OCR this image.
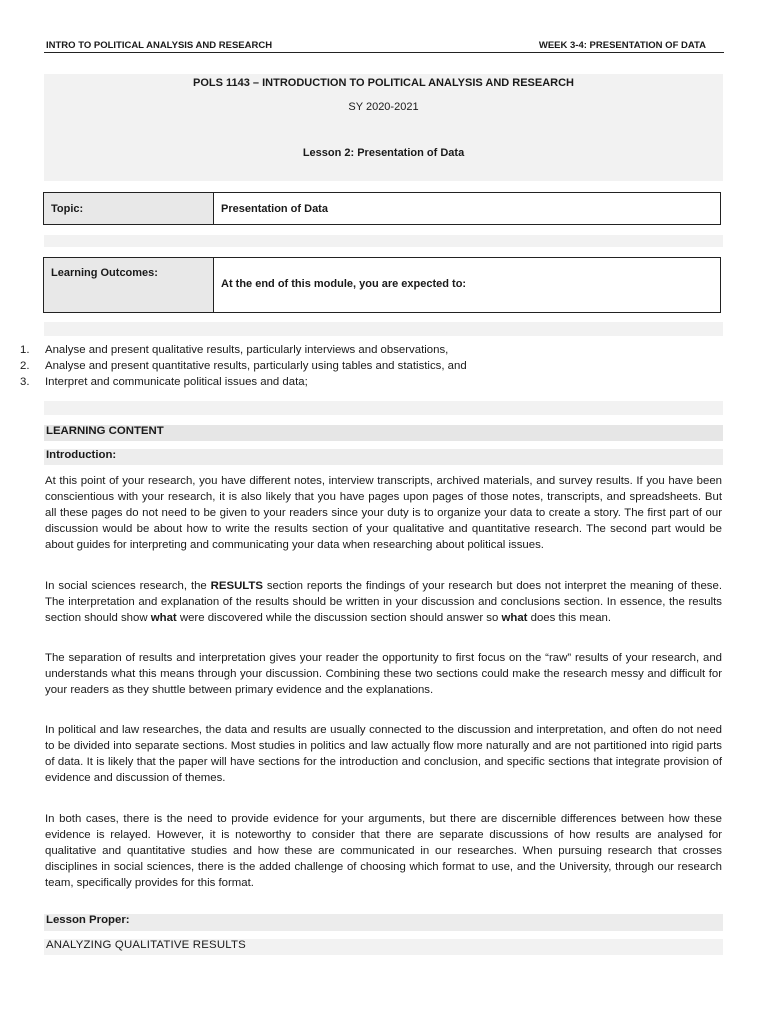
INTRO TO POLITICAL ANALYSIS AND RESEARCH	WEEK 3-4: PRESENTATION OF DATA
POLS 1143 – INTRODUCTION TO POLITICAL ANALYSIS AND RESEARCH
SY 2020-2021
Lesson 2: Presentation of Data
Topic:	Presentation of Data
Learning Outcomes:
At the end of this module, you are expected to:
1. Analyse and present qualitative results, particularly interviews and observations,
2. Analyse and present quantitative results, particularly using tables and statistics, and
3. Interpret and communicate political issues and data;
LEARNING CONTENT
Introduction:

At this point of your research, you have different notes, interview transcripts, archived materials, and survey results. If you have been conscientious with your research, it is also likely that you have pages upon pages of those notes, transcripts, and spreadsheets. But all these pages do not need to be given to your readers since your duty is to organize your data to create a story. The first part of our discussion would be about how to write the results section of your qualitative and quantitative research. The second part would be about guides for interpreting and communicating your data when researching about political issues.

In social sciences research, the RESULTS section reports the findings of your research but does not interpret the meaning of these. The interpretation and explanation of the results should be written in your discussion and conclusions section. In essence, the results section should show what were discovered while the discussion section should answer so what does this mean.

The separation of results and interpretation gives your reader the opportunity to first focus on the “raw” results of your research, and understands what this means through your discussion. Combining these two sections could make the research messy and difficult for your readers as they shuttle between primary evidence and the explanations.

In political and law researches, the data and results are usually connected to the discussion and interpretation, and often do not need to be divided into separate sections. Most studies in politics and law actually flow more naturally and are not partitioned into rigid parts of data. It is likely that the paper will have sections for the introduction and conclusion, and specific sections that integrate provision of evidence and discussion of themes.

In both cases, there is the need to provide evidence for your arguments, but there are discernible differences between how these evidence is relayed. However, it is noteworthy to consider that there are separate discussions of how results are analysed for qualitative and quantitative studies and how these are communicated in our researches. When pursuing research that crosses disciplines in social sciences, there is the added challenge of choosing which format to use, and the University, through our research team, specifically provides for this format.

Lesson Proper:
ANALYZING QUALITATIVE RESULTS
